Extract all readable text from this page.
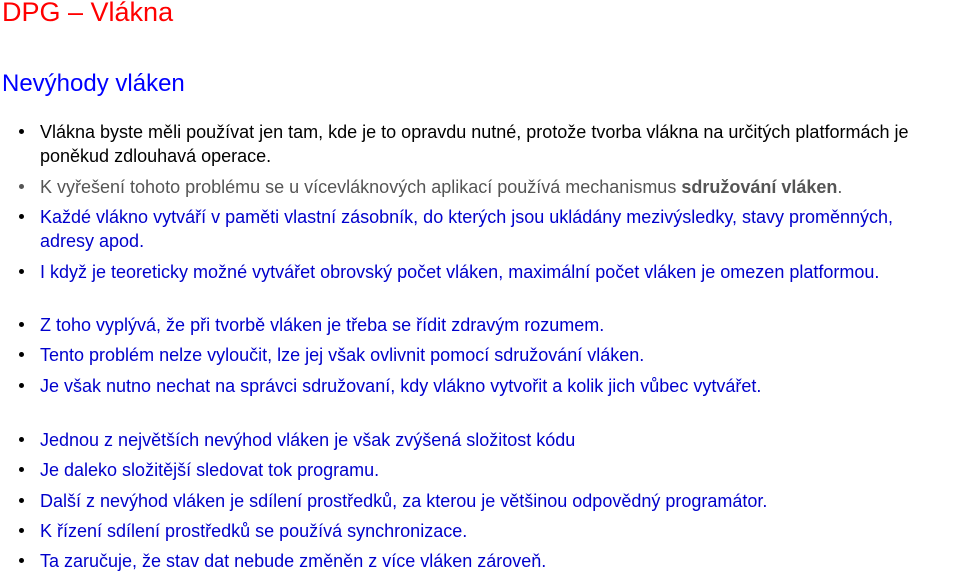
DPG – Vlákna
Nevýhody vláken
Vlákna byste měli používat jen tam, kde je to opravdu nutné, protože tvorba vlákna na určitých platformách je poněkud zdlouhavá operace.
K vyřešení tohoto problému se u vícevláknových aplikací používá mechanismus sdružování vláken.
Každé vlákno vytváří v paměti vlastní zásobník, do kterých jsou ukládány mezivýsledky, stavy proměnných, adresy apod.
I když je teoreticky možné vytvářet obrovský počet vláken, maximální počet vláken je omezen platformou.
Z toho vyplývá, že při tvorbě vláken je třeba se řídit zdravým rozumem.
Tento problém nelze vyloučit, lze jej však ovlivnit pomocí sdružování vláken.
Je však nutno nechat na správci sdružovaní, kdy vlákno vytvořit a kolik jich vůbec vytvářet.
Jednou z největších nevýhod vláken je však zvýšená složitost kódu
Je daleko složitější sledovat tok programu.
Další z nevýhod vláken je sdílení prostředků, za kterou je většinou odpovědný programátor.
K řízení sdílení prostředků se používá synchronizace.
Ta zaručuje, že stav dat nebude změněn z více vláken zároveň.
